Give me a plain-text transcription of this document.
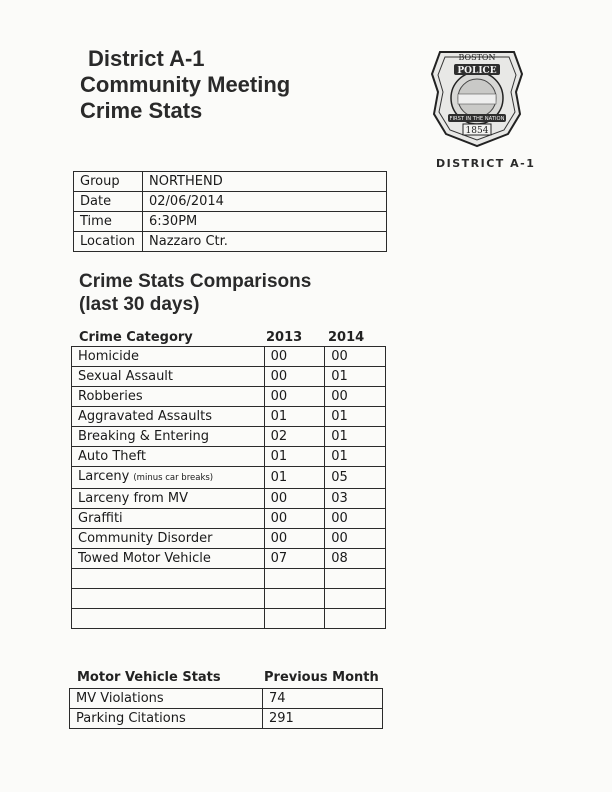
District A-1
Community Meeting
Crime Stats
BOSTON
POLICE
FIRST IN THE NATION
1854
DISTRICT A-1
Group	NORTHEND
Date	02/06/2014
Time	6:30PM
Location	Nazzaro Ctr.
Crime Stats Comparisons
(last 30 days)
Crime Category	2013 2014
Homicide	00	00
Sexual Assault	00	01
Robberies	00	00
Aggravated Assaults	01	01
Breaking & Entering	02	01
Auto Theft	01	01
Larceny (minus car breaks)	01	05
Larceny from MV	00	03
Graffiti	00	00
Community Disorder	00	00
Towed Motor Vehicle	07	08

Motor Vehicle Stats	Previous Month
MV Violations	74
Parking Citations	291
